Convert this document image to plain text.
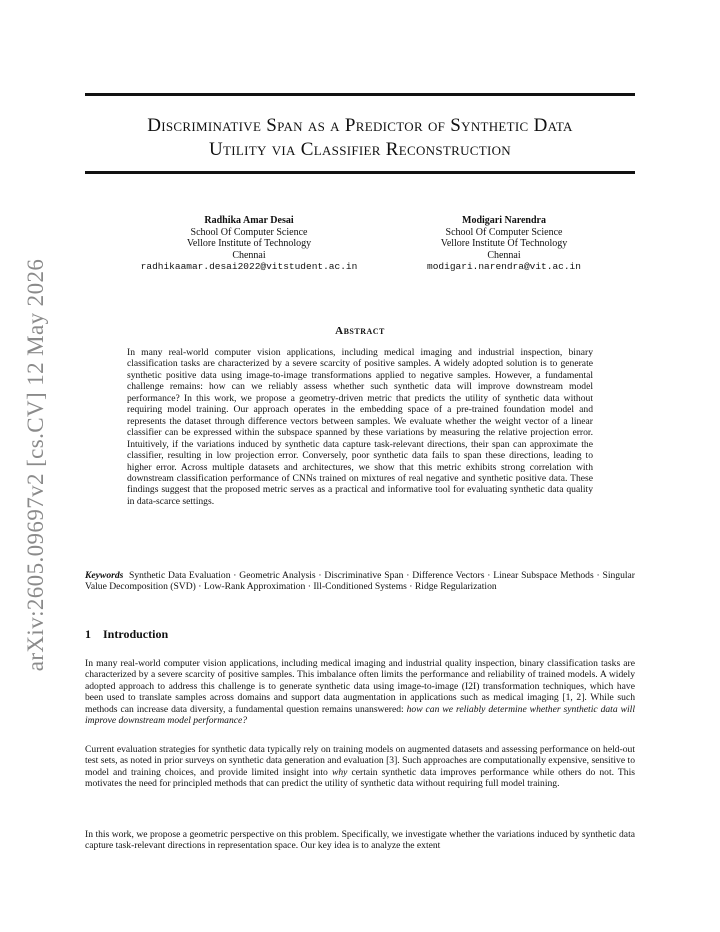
arXiv:2605.09697v2 [cs.CV] 12 May 2026
Discriminative Span as a Predictor of Synthetic Data
Utility via Classifier Reconstruction
Radhika Amar Desai
School Of Computer Science
Vellore Institute of Technology
Chennai
radhikaamar.desai2022@vitstudent.ac.in
Modigari Narendra
School Of Computer Science
Vellore Institute Of Technology
Chennai
modigari.narendra@vit.ac.in
Abstract
In many real-world computer vision applications, including medical imaging and industrial inspection, binary classification tasks are characterized by a severe scarcity of positive samples. A widely adopted solution is to generate synthetic positive data using image-to-image transformations applied to negative samples. However, a fundamental challenge remains: how can we reliably assess whether such synthetic data will improve downstream model performance? In this work, we propose a geometry-driven metric that predicts the utility of synthetic data without requiring model training. Our approach operates in the embedding space of a pre-trained foundation model and represents the dataset through difference vectors between samples. We evaluate whether the weight vector of a linear classifier can be expressed within the subspace spanned by these variations by measuring the relative projection error. Intuitively, if the variations induced by synthetic data capture task-relevant directions, their span can approximate the classifier, resulting in low projection error. Conversely, poor synthetic data fails to span these directions, leading to higher error. Across multiple datasets and architectures, we show that this metric exhibits strong correlation with downstream classification performance of CNNs trained on mixtures of real negative and synthetic positive data. These findings suggest that the proposed metric serves as a practical and informative tool for evaluating synthetic data quality in data-scarce settings.
Keywords Synthetic Data Evaluation · Geometric Analysis · Discriminative Span · Difference Vectors · Linear Subspace Methods · Singular Value Decomposition (SVD) · Low-Rank Approximation · Ill-Conditioned Systems · Ridge Regularization
1 Introduction

In many real-world computer vision applications, including medical imaging and industrial quality inspection, binary classification tasks are characterized by a severe scarcity of positive samples. This imbalance often limits the performance and reliability of trained models. A widely adopted approach to address this challenge is to generate synthetic data using image-to-image (I2I) transformation techniques, which have been used to translate samples across domains and support data augmentation in applications such as medical imaging [1, 2]. While such methods can increase data diversity, a fundamental question remains unanswered: how can we reliably determine whether synthetic data will improve downstream model performance?

Current evaluation strategies for synthetic data typically rely on training models on augmented datasets and assessing performance on held-out test sets, as noted in prior surveys on synthetic data generation and evaluation [3]. Such approaches are computationally expensive, sensitive to model and training choices, and provide limited insight into why certain synthetic data improves performance while others do not. This motivates the need for principled methods that can predict the utility of synthetic data without requiring full model training.

In this work, we propose a geometric perspective on this problem. Specifically, we investigate whether the variations induced by synthetic data capture task-relevant directions in representation space. Our key idea is to analyze the extent
